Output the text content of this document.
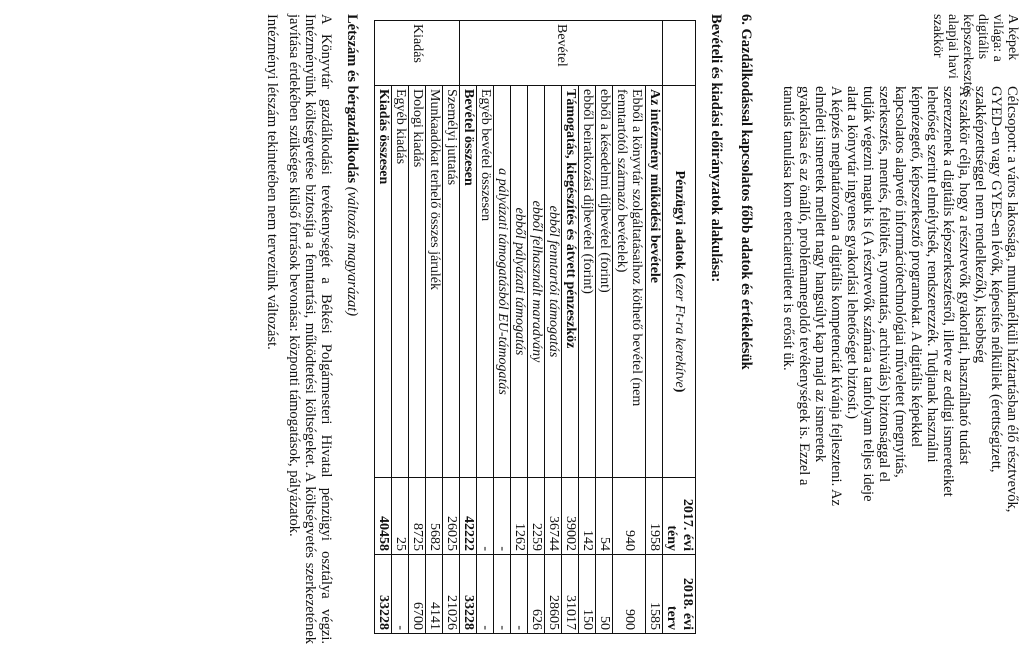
A képek világa: a digitális képszerkesztés alapjai havi szakkör

Célcsoport: a város lakossága, munkanélküli háztartásban élő résztvevők,

GYED-en vagy GYES-en lévők, képesítés nélküliek (érettségizett,

szakképzettséggel nem rendelkezők), kisebbség

A szakkör célja, hogy a résztvevők gyakorlati, használható tudást

szerezzenek a digitális képszerkesztésről, illetve az eddigi ismereteiket

lehetőség szerint elmélyítsék, rendszerezzék. Tudjanak használni

képnézegető, képszerkesztő programokat. A digitális képekkel

kapcsolatos alapvető információtechnológiai műveletet (megnyitás,

szerkesztés, mentés, feltöltés, nyomtatás, archiválás) biztonsággal el

tudják végezni maguk is (A résztvevők számára a tanfolyam teljes ideje

alatt a könyvtár ingyenes gyakorlási lehetőséget biztosít.)

A képzés meghatározóan a digitális kompetenciát kívánja fejleszteni. Az

elméleti ismeretek mellett nagy hangsúlyt kap majd az ismeretek

gyakorlása és az önálló, problémamegoldó tevékenységek is. Ezzel a

tanulás tanulása kom etenciaterületet is erősít ük.

6. Gazdálkodással kapcsolatos főbb adatok és értékelésük
Bevételi és kiadási előirányzatok alakulása:
	Pénzügyi adatok (ezer Ft-ra kerekítve)	2017. évi tény	2018. évi terv
Bevétel	Az intézmény működési bevétele	1958	1585
	Ebből a könyvtár szolgáltatásaihoz köthető bevétel (nem fenntartótól származó bevételek)	940	900
	ebből a késedelmi díjbevétel (forint)	54	50
	ebből beiratkozási díjbevétel (forint)	142	150
	Támogatás, kiegészítés és átvett pénzeszköz	39002	31017
	ebből fenntartói támogatás	36744	28605
	ebből felhasznált maradvány	2259	626
	ebből pályázati támogatás	1262	-
	a pályázati támogatásból EU-támogatás	-	-
	Egyéb bevétel összesen	-	-
	Bevétel összesen	42222	33228
Kiadás	Személyi juttatás	26025	21026
	Munkaadókat terhelő összes járulék	5682	4141
	Dologi kiadás	8725	6700
	Egyéb kiadás	25	-
	Kiadás összesen	40458	33228
Létszám és bérgazdálkodás (változás magyarázat)

A Könyvtár gazdálkodási tevékenységét a Békési Polgármesteri Hivatal pénzügyi osztálya végzi. Intézményünk költségvetése biztosítja a fenntartási, működtetési költségeket. A költségvetés szerkezetének javítása érdekében szükséges külső források bevonása: központi támogatások, pályázatok.

Intézményi létszám tekintetében nem tervezünk változást.
